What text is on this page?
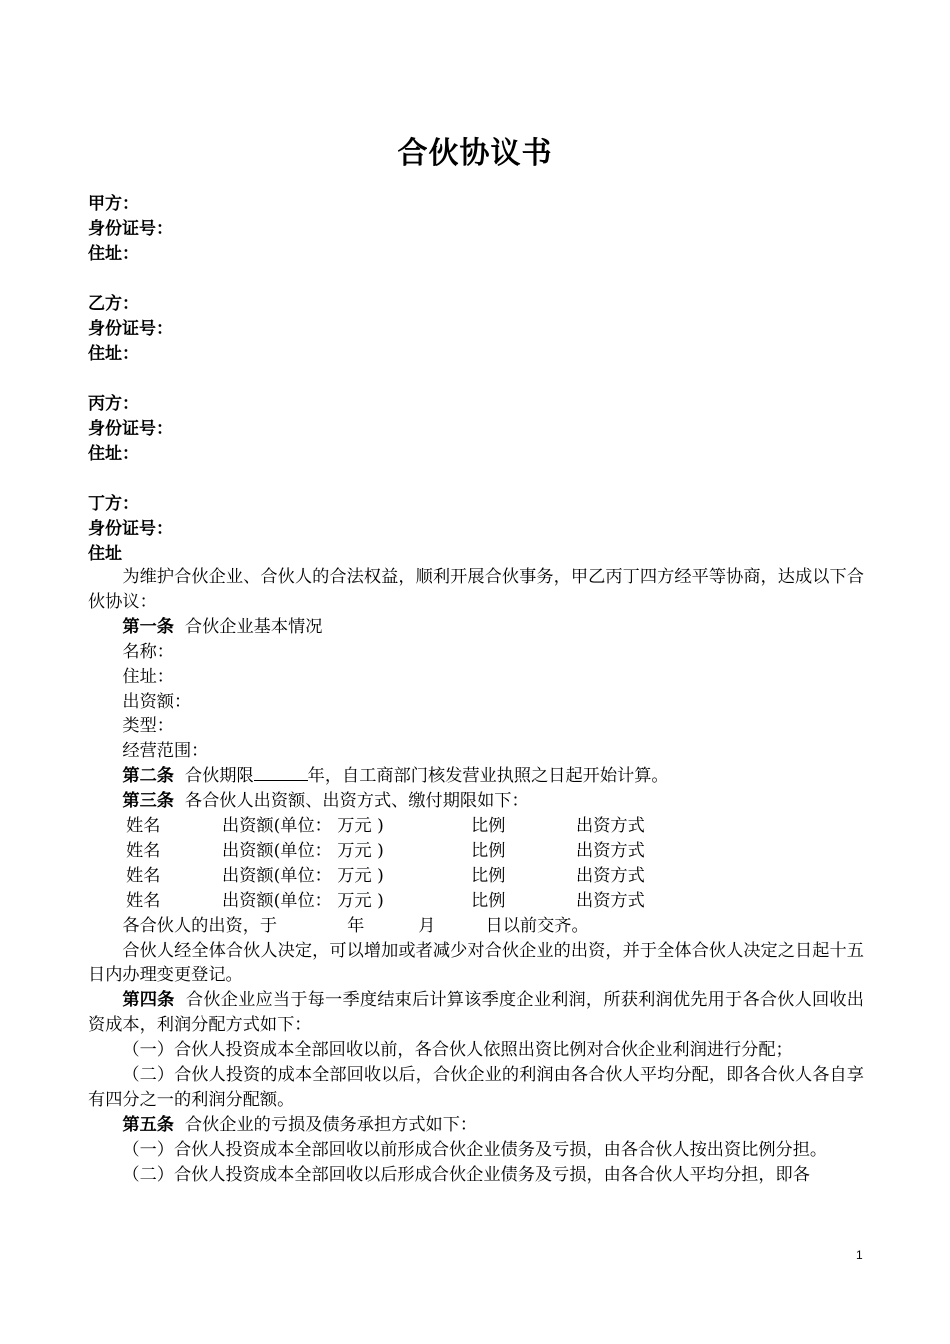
合伙协议书
甲方：
身份证号：
住址：
乙方：
身份证号：
住址：
丙方：
身份证号：
住址：
丁方：
身份证号：
住址

为维护合伙企业、合伙人的合法权益，顺利开展合伙事务，甲乙丙丁四方经平等协商，达成以下合伙协议：

第一条 合伙企业基本情况

名称：

住址：

出资额：

类型：

经营范围：

第二条 合伙期限	年，自工商部门核发营业执照之日起开始计算。

第三条 各合伙人出资额、出资方式、缴付期限如下：

姓名	出资额(单位： 万元 )	比例	出资方式
姓名	出资额(单位： 万元 )	比例	出资方式
姓名	出资额(单位： 万元 )	比例	出资方式
姓名	出资额(单位： 万元 )	比例	出资方式

各合伙人的出资，于	年	月	日以前交齐。

合伙人经全体合伙人决定，可以增加或者减少对合伙企业的出资，并于全体合伙人决定之日起十五日内办理变更登记。

第四条 合伙企业应当于每一季度结束后计算该季度企业利润，所获利润优先用于各合伙人回收出资成本，利润分配方式如下：

（一）合伙人投资成本全部回收以前，各合伙人依照出资比例对合伙企业利润进行分配；

（二）合伙人投资的成本全部回收以后，合伙企业的利润由各合伙人平均分配，即各合伙人各自享有四分之一的利润分配额。

第五条 合伙企业的亏损及债务承担方式如下：

（一）合伙人投资成本全部回收以前形成合伙企业债务及亏损，由各合伙人按出资比例分担。

（二）合伙人投资成本全部回收以后形成合伙企业债务及亏损，由各合伙人平均分担，即各

1
